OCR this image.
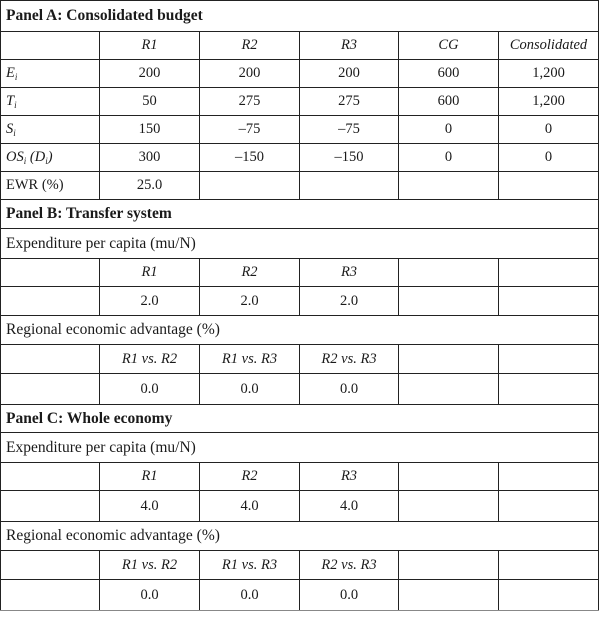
Panel A: Consolidated budget					
	R1	R2	R3	CG	Consolidated
$E_i$	200	200	200	600	1,200
$T_i$	50	275	275	600	1,200
$S_i$	150	–75	–75	0	0
$OS_i$ $(D_i)$	300	–150	–150	0	0
EWR (%)	25.0				
Panel B: Transfer system					
Expenditure per capita (mu/N)					
	R1	R2	R3		
	2.0	2.0	2.0		
Regional economic advantage (%)					
	R1 vs. R2	R1 vs. R3	R2 vs. R3		
	0.0	0.0	0.0		
Panel C: Whole economy					
Expenditure per capita (mu/N)					
	R1	R2	R3		
	4.0	4.0	4.0		
Regional economic advantage (%)					
	R1 vs. R2	R1 vs. R3	R2 vs. R3		
	0.0	0.0	0.0		
